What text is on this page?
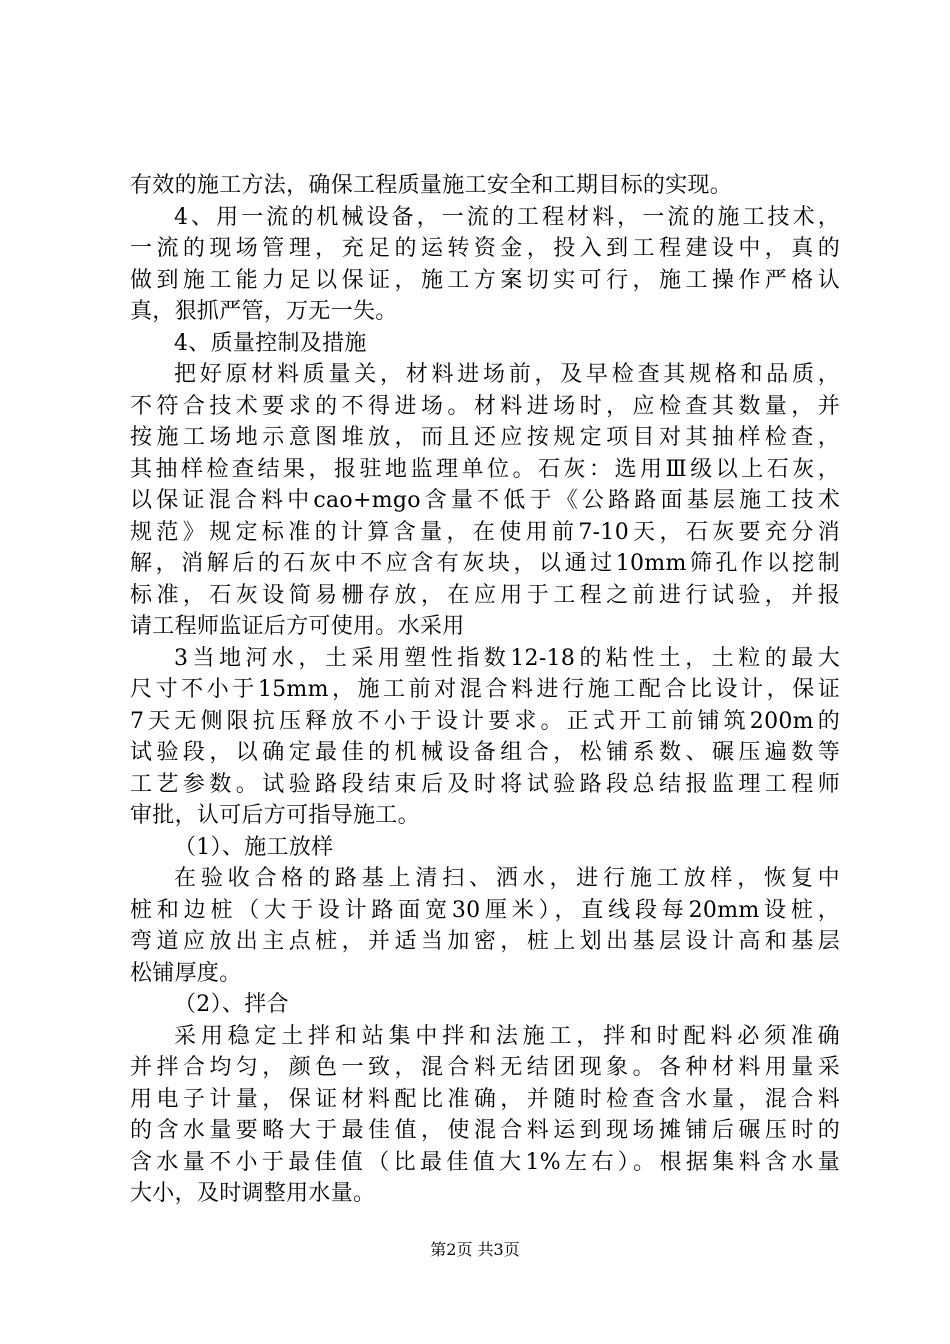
有效的施工方法，确保工程质量施工安全和工期目标的实现。
4、用一流的机械设备，一流的工程材料，一流的施工技术，
一流的现场管理，充足的运转资金，投入到工程建设中，真的
做到施工能力足以保证，施工方案切实可行，施工操作严格认
真，狠抓严管，万无一失。
4、质量控制及措施
把好原材料质量关，材料进场前，及早检查其规格和品质，
不符合技术要求的不得进场。材料进场时，应检查其数量，并
按施工场地示意图堆放，而且还应按规定项目对其抽样检查，
其抽样检查结果，报驻地监理单位。石灰：选用Ⅲ级以上石灰，
以保证混合料中cao+mgo含量不低于《公路路面基层施工技术
规范》规定标准的计算含量，在使用前7-10天，石灰要充分消
解，消解后的石灰中不应含有灰块，以通过10mm筛孔作以挖制
标准，石灰设简易栅存放，在应用于工程之前进行试验，并报
请工程师监证后方可使用。水采用
3当地河水，土采用塑性指数12-18的粘性土，土粒的最大
尺寸不小于15mm，施工前对混合料进行施工配合比设计，保证
7天无侧限抗压释放不小于设计要求。正式开工前铺筑200m的
试验段，以确定最佳的机械设备组合，松铺系数、碾压遍数等
工艺参数。试验路段结束后及时将试验路段总结报监理工程师
审批，认可后方可指导施工。
（1）、施工放样
在验收合格的路基上清扫、洒水，进行施工放样，恢复中
桩和边桩（大于设计路面宽30厘米），直线段每20mm设桩，
弯道应放出主点桩，并适当加密，桩上划出基层设计高和基层
松铺厚度。
（2）、拌合
采用稳定土拌和站集中拌和法施工，拌和时配料必须准确
并拌合均匀，颜色一致，混合料无结团现象。各种材料用量采
用电子计量，保证材料配比准确，并随时检查含水量，混合料
的含水量要略大于最佳值，使混合料运到现场摊铺后碾压时的
含水量不小于最佳值（比最佳值大1%左右）。根据集料含水量
大小，及时调整用水量。
第2页 共3页
